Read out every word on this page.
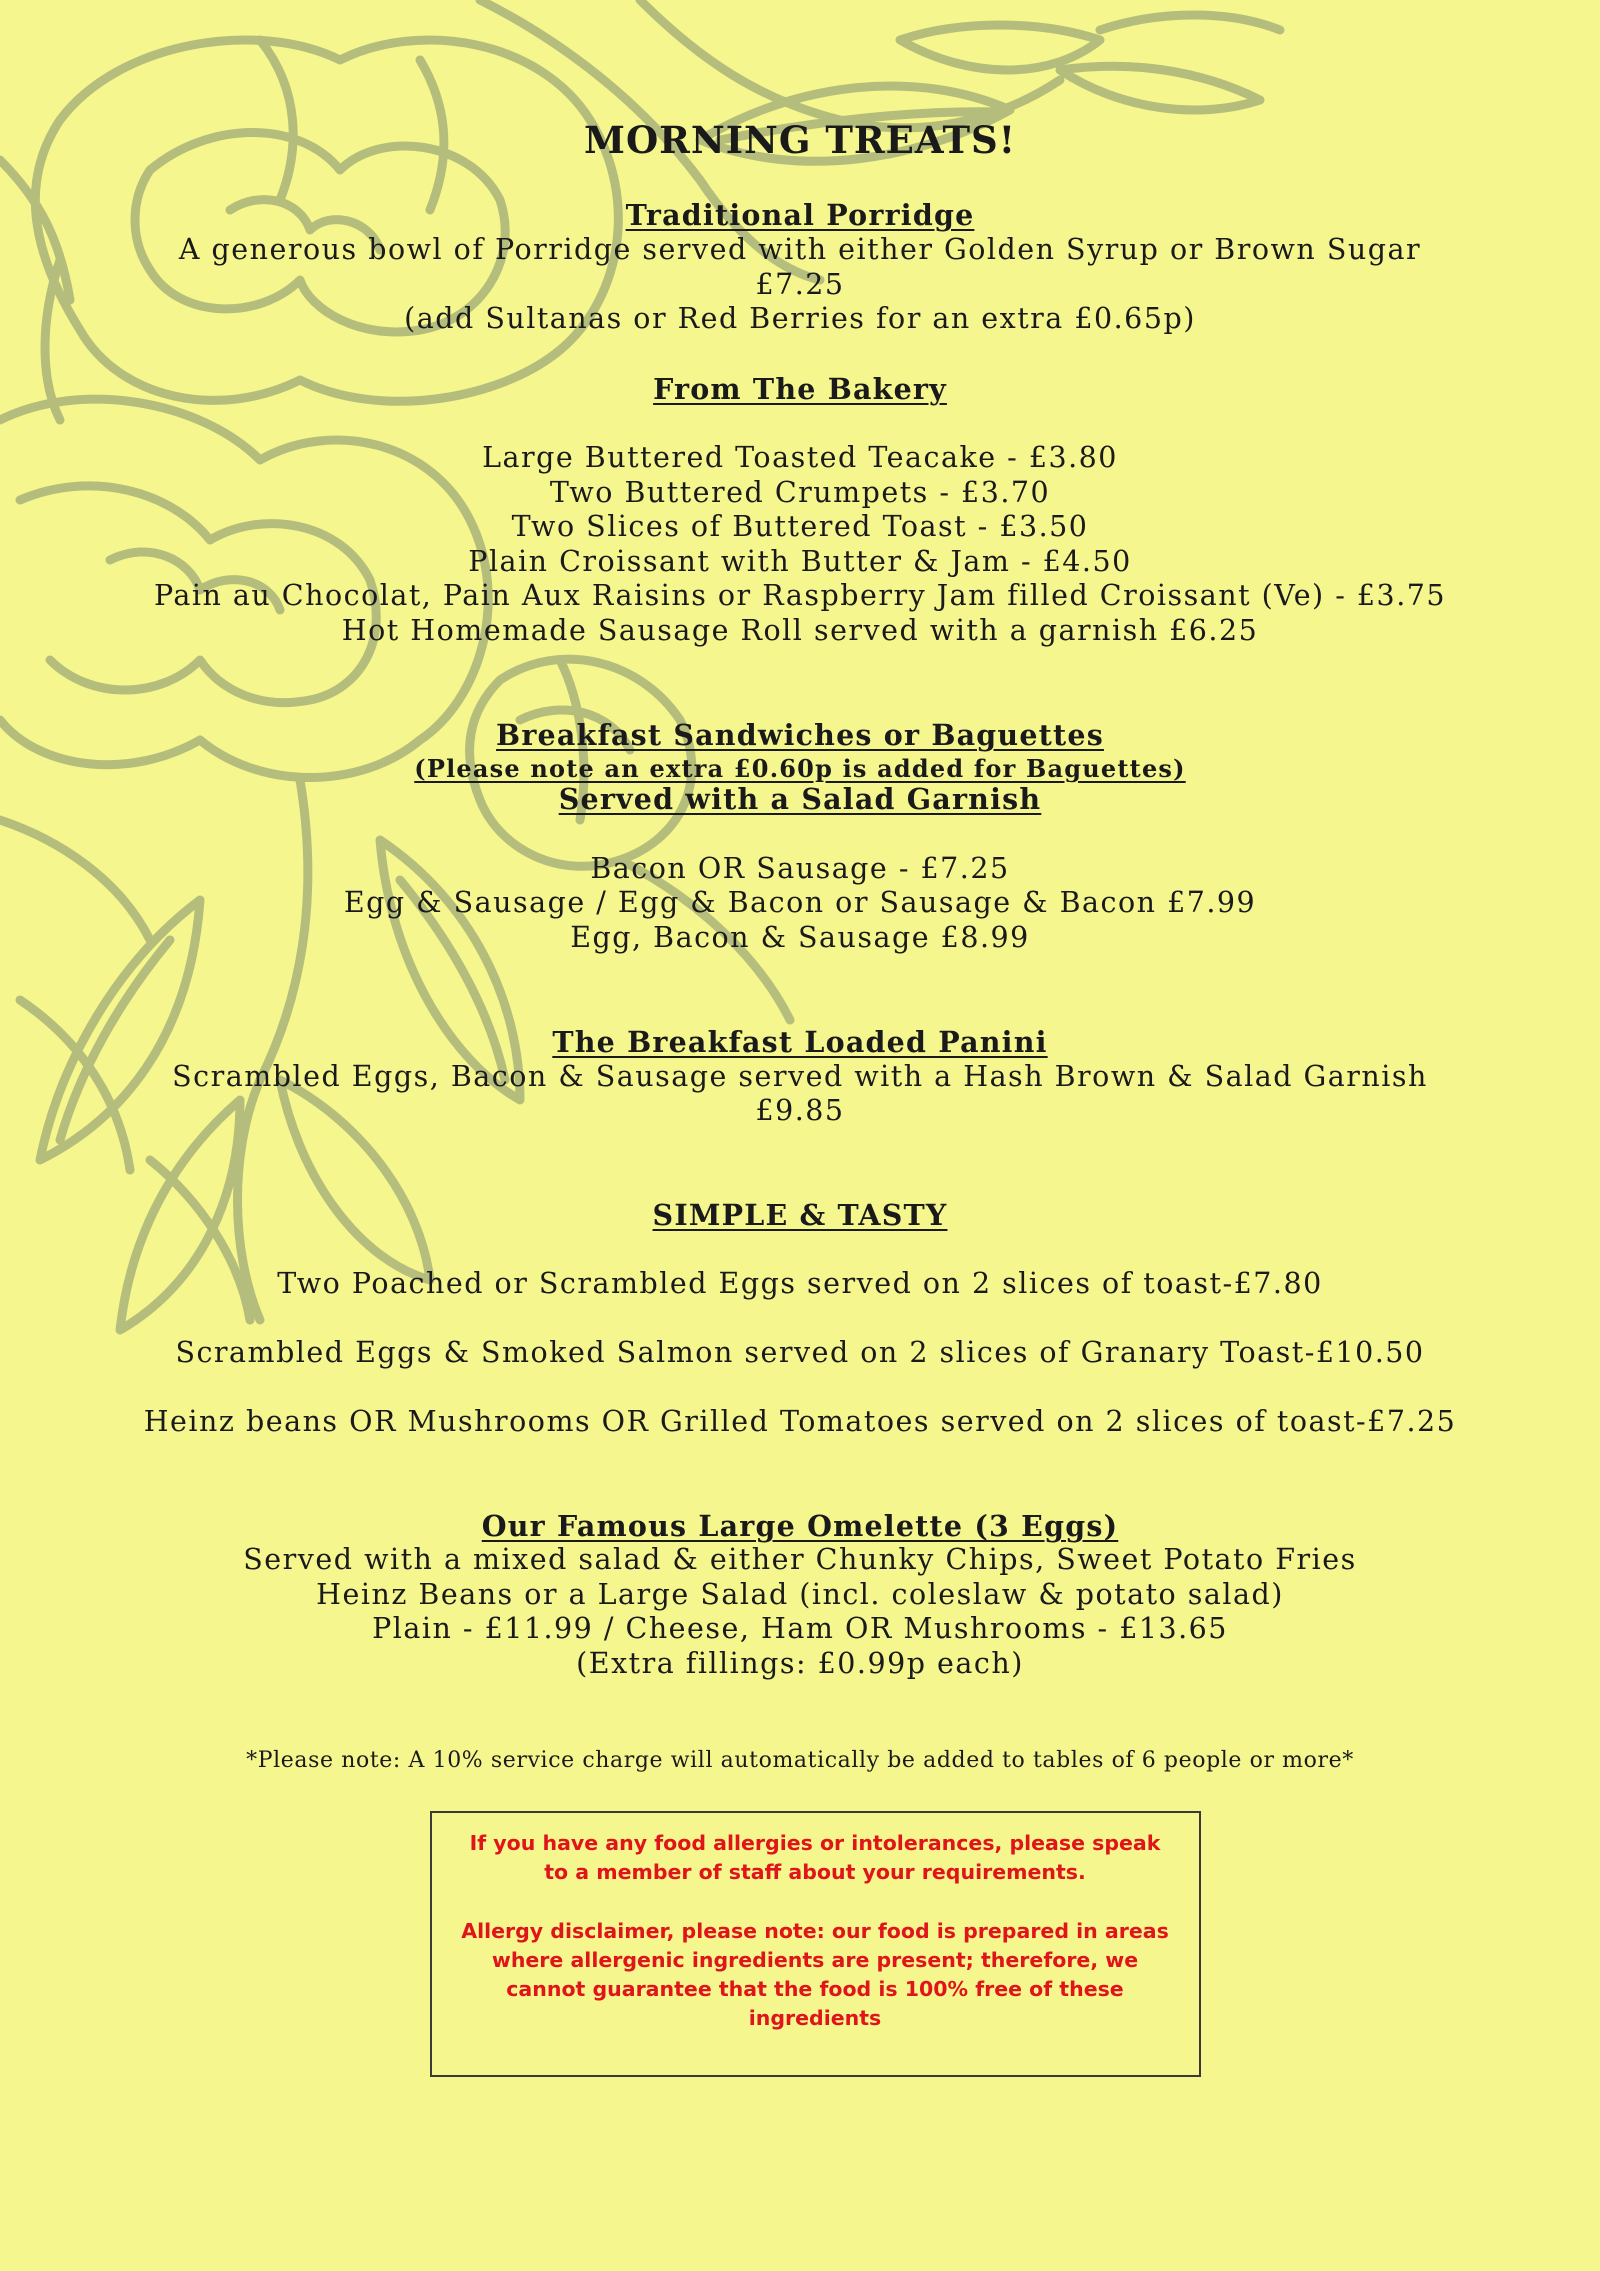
MORNING TREATS!
Traditional Porridge
A generous bowl of Porridge served with either Golden Syrup or Brown Sugar
£7.25
(add Sultanas or Red Berries for an extra £0.65p)
From The Bakery
Large Buttered Toasted Teacake - £3.80
Two Buttered Crumpets - £3.70
Two Slices of Buttered Toast - £3.50
Plain Croissant with Butter & Jam - £4.50
Pain au Chocolat, Pain Aux Raisins or Raspberry Jam filled Croissant (Ve) - £3.75
Hot Homemade Sausage Roll served with a garnish £6.25
Breakfast Sandwiches or Baguettes
(Please note an extra £0.60p is added for Baguettes)
Served with a Salad Garnish
Bacon OR Sausage - £7.25
Egg & Sausage / Egg & Bacon or Sausage & Bacon £7.99
Egg, Bacon & Sausage £8.99
The Breakfast Loaded Panini
Scrambled Eggs, Bacon & Sausage served with a Hash Brown & Salad Garnish
£9.85
SIMPLE & TASTY
Two Poached or Scrambled Eggs served on 2 slices of toast-£7.80
Scrambled Eggs & Smoked Salmon served on 2 slices of Granary Toast-£10.50
Heinz beans OR Mushrooms OR Grilled Tomatoes served on 2 slices of toast-£7.25
Our Famous Large Omelette (3 Eggs)
Served with a mixed salad & either Chunky Chips, Sweet Potato Fries
Heinz Beans or a Large Salad (incl. coleslaw & potato salad)
Plain - £11.99 / Cheese, Ham OR Mushrooms - £13.65
(Extra fillings: £0.99p each)
*Please note: A 10% service charge will automatically be added to tables of 6 people or more*
If you have any food allergies or intolerances, please speak
to a member of staff about your requirements.
Allergy disclaimer, please note: our food is prepared in areas
where allergenic ingredients are present; therefore, we
cannot guarantee that the food is 100% free of these
ingredients
